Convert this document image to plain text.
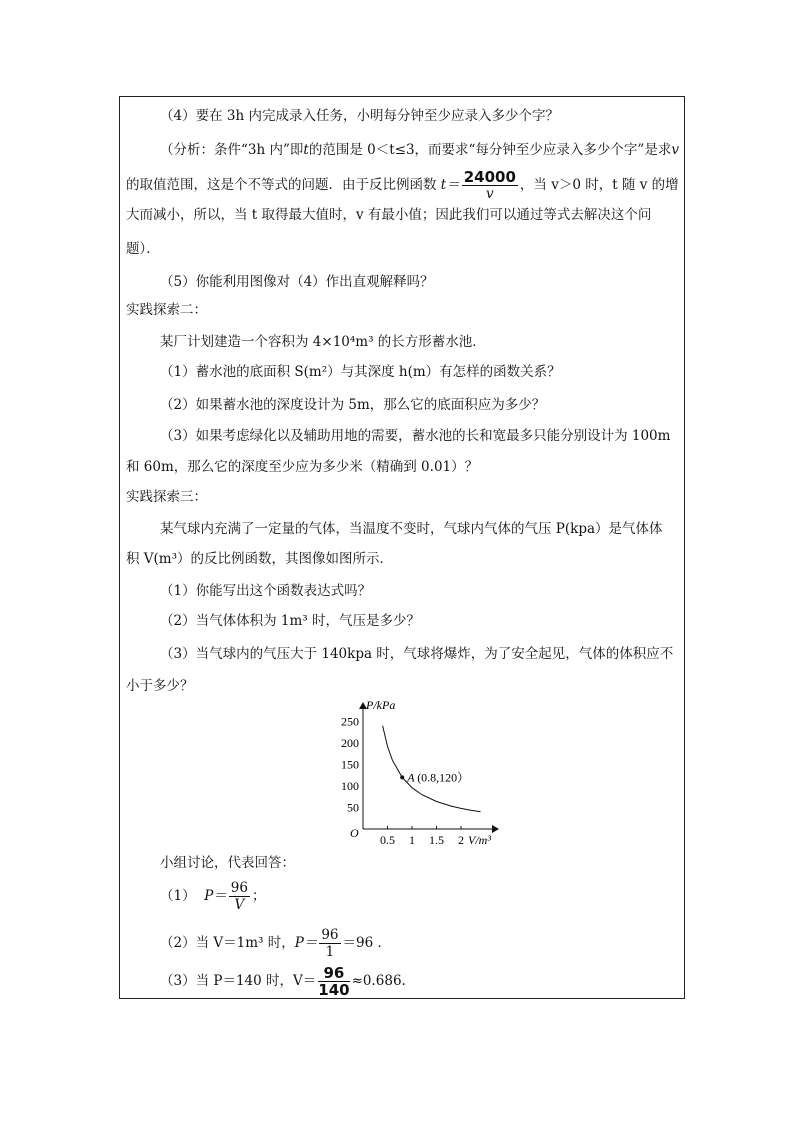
（4）要在 3h 内完成录入任务，小明每分钟至少应录入多少个字？
（分析：条件“3h 内”即t的范围是 0＜t≤3，而要求“每分钟至少应录入多少个字”是求v
的取值范围，这是个不等式的问题．由于反比例函数 $t= \frac{24000}{v}$ ，当 v＞0 时，t 随 v 的增
大而减小，所以，当 t 取得最大值时，v 有最小值；因此我们可以通过等式去解决这个问
题）．
（5）你能利用图像对（4）作出直观解释吗？
实践探索二：
某厂计划建造一个容积为 4×10⁴m³ 的长方形蓄水池．
（1）蓄水池的底面积 S(m²）与其深度 h(m）有怎样的函数关系？
（2）如果蓄水池的深度设计为 5m，那么它的底面积应为多少？
（3）如果考虑绿化以及辅助用地的需要，蓄水池的长和宽最多只能分别设计为 100m
和 60m，那么它的深度至少应为多少米（精确到 0.01）？
实践探索三：
某气球内充满了一定量的气体，当温度不变时，气球内气体的气压 P(kpa）是气体体
积 V(m³）的反比例函数，其图像如图所示．
（1）你能写出这个函数表达式吗？
（2）当气体体积为 1m³ 时，气压是多少？
（3）当气球内的气压大于 140kpa 时，气球将爆炸，为了安全起见，气体的体积应不
小于多少？
P/kPa
V/m³
O
250
200
150
100
50
0.5 1 1.5 2
A (0.8,120）
小组讨论，代表回答：
（1） $P= \frac{96}{V}$ ；
（2）当 V＝1m³ 时，$P= \frac{96}{1} =96$ ．
（3）当 P＝140 时，$V= \frac{96}{140} \approx 0.686$.
